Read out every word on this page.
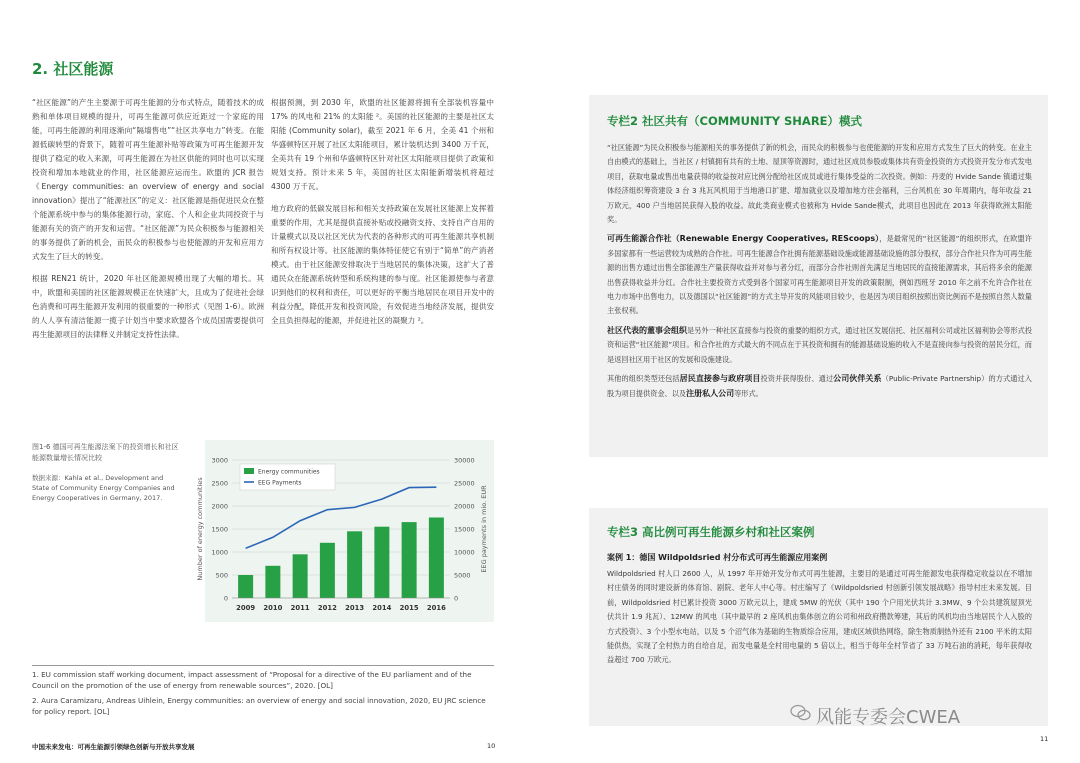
2. 社区能源

“社区能源”的产生主要源于可再生能源的分布式特点，随着技术的成熟和单体项目规模的提升，可再生能源可供应近距过一个家庭的用能，可再生能源的利用逐渐向“隔墙售电”“社区共享电力”转变。在能源低碳转型的背景下，随着可再生能源补贴等政策为可再生能源开发提供了稳定的收入来源，可再生能源在为社区供能的同时也可以实现投资和增加本地就业的作用，社区能源应运而生。欧盟的 JCR 报告《Energy communities: an overview of energy and social innovation》提出了“能源社区”的定义：社区能源是指促进民众在整个能源系统中参与的集体能源行动，家庭、个人和企业共同投资于与能源有关的资产的开发和运营。“社区能源”为民众积极参与能源相关的事务提供了新的机会，而民众的积极参与也使能源的开发和应用方式发生了巨大的转变。

根据 REN21 统计，2020 年社区能源规模出现了大幅的增长。其中，欧盟和美国的社区能源规模正在快速扩大，且成为了促进社会绿色消费和可再生能源开发利用的很重要的一种形式（见图 1-6）。欧洲的人人享有清洁能源一揽子计划当中要求欧盟各个成员国需要提供可再生能源项目的法律释义并制定支持性法律。

根据预测，到 2030 年，欧盟的社区能源将拥有全部装机容量中 17% 的风电和 21% 的太阳能 ²。美国的社区能源的主要是社区太阳能 (Community solar)，截至 2021 年 6 月，全美 41 个州和华盛顿特区开展了社区太阳能项目，累计装机达到 3400 万千瓦，全美共有 19 个州和华盛顿特区针对社区太阳能项目提供了政策和规划支持。预计未来 5 年，美国的社区太阳能新增装机将超过 4300 万千瓦。

地方政府的低碳发展目标和相关支持政策在发展社区能源上发挥着重要的作用，尤其是提供直接补贴或投融资支持、支持自产自用的计量模式以及以社区光伏为代表的各种形式的可再生能源共享机制和所有权设计等。社区能源的集体特征使它有别于“简单”的产消者模式。由于社区能源安排取决于当地居民的集体决策，这扩大了普通民众在能源系统转型和系统构建的参与度。社区能源使参与者意识到他们的权利和责任，可以更好的平衡当地居民在项目开发中的利益分配，降低开发和投资风险，有效促进当地经济发展，提供安全且负担得起的能源，并促进社区的凝聚力 ²。

图1-6 德国可再生能源法案下的投资增长和社区能源数量增长情况比较
数据来源：Kahla et al., Development and State of Community Energy Companies and Energy Cooperatives in Germany, 2017.
0
500
1000
1500
2000
2500
3000
0
5000
10000
15000
20000
25000
30000
Number of energy communities	EEG payments in mio. EUR
2009 2010 2011 2012 2013 2014 2015 2016
Energy communities
EEG Payments
1. EU commission staff working document, impact assessment of “Proposal for a directive of the EU parliament and of the Council on the promotion of the use of energy from renewable sources”, 2020. [OL]
2. Aura Caramizaru, Andreas Uihlein, Energy communities: an overview of energy and social innovation, 2020, EU JRC science for policy report. [OL]
中国未来发电：可再生能源引领绿色创新与开放共享发展	10
11
专栏2 社区共有（COMMUNITY SHARE）模式

“社区能源”为民众积极参与能源相关的事务提供了新的机会，而民众的积极参与也使能源的开发和应用方式发生了巨大的转变。在业主自由模式的基础上，当社区 / 村镇拥有共有的土地、屋顶等资源时，通过社区成员参股或集体共有资金投资的方式投资开发分布式发电项目，获取电量或售出电量获得的收益按对应比例分配给社区成员或进行集体受益的二次投资。例如：丹麦的 Hvide Sande 镇通过集体经济组织筹资建设 3 台 3 兆瓦风机用于当地港口扩建、增加就业以及增加地方往会福利，三台风机在 30 年周期内，每年收益 21 万欧元，400 户当地居民获得入股的收益。故此类商业模式也被称为 Hvide Sande模式，此项目也因此在 2013 年获得欧洲太阳能奖。

可再生能源合作社（Renewable Energy Cooperatives, REScoops），是最常见的“社区能源”的组织形式，在欧盟许多国家都有一些运营较为成熟的合作社。可再生能源合作社拥有能源基础设施或能源基础设施的部分股权，部分合作社只作为可再生能源的出售方通过出售全部能源生产量获得收益并对参与者分红，而部分合作社则首先满足当地居民的直接能源需求，其后将多余的能源出售获得收益并分红。合作社主要投资方式受到各个国家可再生能源项目开发的政策限制，例如西班牙 2010 年之前不允许合作社在电力市场中出售电力，以及德国以“社区能源”的方式主导开发的风能项目较少，也是因为项目组织按照出资比例而不是按照自然人数量主张权利。

社区代表的董事会组织是另外一种社区直接参与投资的重要的组织方式，通过社区发展信托、社区福利公司或社区福利协会等形式投资和运营“社区能源”项目。和合作社的方式最大的不同点在于其投资和拥有的能源基础设施的收入不是直接向参与投资的居民分红，而是返回社区用于社区的发展和设施建设。

其他的组织类型还包括居民直接参与政府项目投资并获得股份、通过公司伙伴关系（Public-Private Partnership）的方式通过入股为项目提供资金、以及注册私人公司等形式。

专栏3 高比例可再生能源乡村和社区案例
案例 1：德国 Wildpoldsried 村分布式可再生能源应用案例

Wildpoldsried 村人口 2600 人，从 1997 年开始开发分布式可再生能源，主要目的是通过可再生能源发电获得稳定收益以在不增加村庄债务的同时建设新的体育馆、剧院、老年人中心等。村庄编写了《Wildpoldsried 村创新引领发展战略》指导村庄未来发展。目前，Wildpoldsried 村已累计投资 3000 万欧元以上，建成 5MW 的光伏（其中 190 个户用光伏共计 3.3MW、9 个公共建筑屋顶光伏共计 1.9 兆瓦）、12MW 的风电（其中最早的 2 座风机由集体创立的公司和州政府攒款筹建，其后的风机均由当地居民个人入股的方式投资）、3 个小型水电站，以及 5 个沼气体为基础的生物质综合应用，建成区域供热网络，除生物质制热外还有 2100 平米的太阳能供热，实现了全村热力的自给自足，而发电量是全村用电量的 5 倍以上，相当于每年全村节省了 33 万吨石油的消耗，每年获得收益超过 700 万欧元。

风能专委会CWEA
